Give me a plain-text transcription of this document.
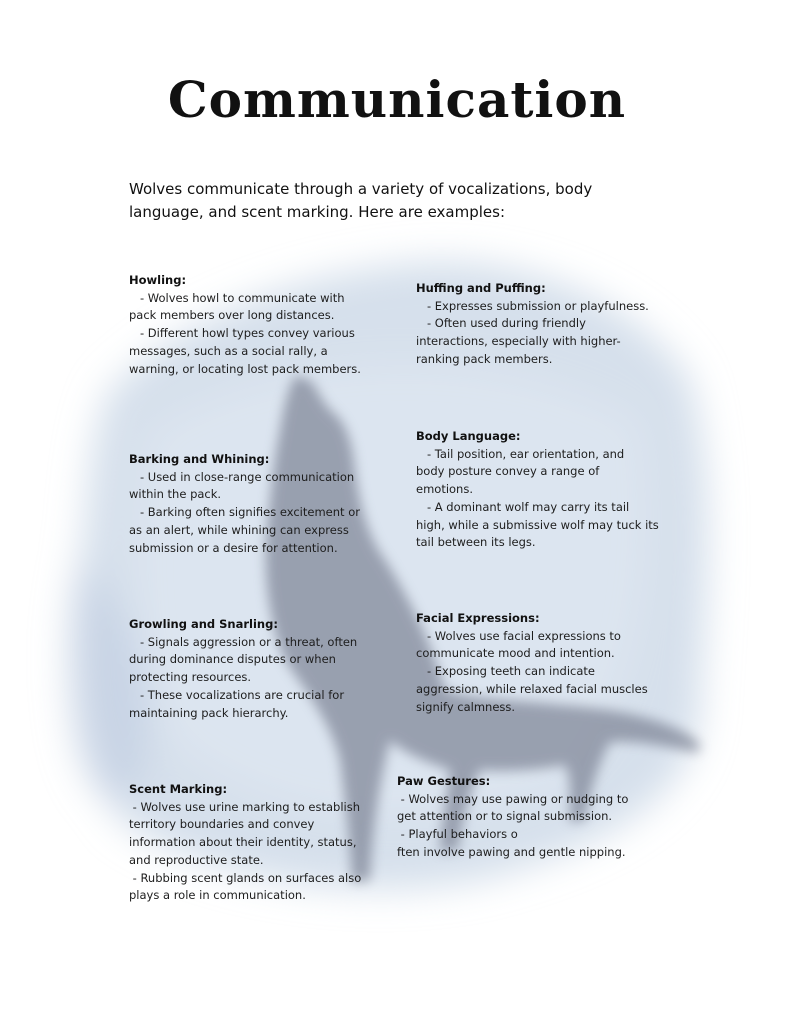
Communication
Wolves communicate through a variety of vocalizations, body language, and scent marking. Here are examples:
Howling:
- Wolves howl to communicate with
pack members over long distances.
- Different howl types convey various
messages, such as a social rally, a
warning, or locating lost pack members.
Huffing and Puffing:
- Expresses submission or playfulness.
- Often used during friendly
interactions, especially with higher-
ranking pack members.
Body Language:
- Tail position, ear orientation, and
body posture convey a range of
emotions.
- A dominant wolf may carry its tail
high, while a submissive wolf may tuck its
tail between its legs.
Barking and Whining:
- Used in close-range communication
within the pack.
- Barking often signifies excitement or
as an alert, while whining can express
submission or a desire for attention.
Facial Expressions:
- Wolves use facial expressions to
communicate mood and intention.
- Exposing teeth can indicate
aggression, while relaxed facial muscles
signify calmness.
Growling and Snarling:
- Signals aggression or a threat, often
during dominance disputes or when
protecting resources.
- These vocalizations are crucial for
maintaining pack hierarchy.
Paw Gestures:
- Wolves may use pawing or nudging to
get attention or to signal submission.
- Playful behaviors o
ften involve pawing and gentle nipping.
Scent Marking:
- Wolves use urine marking to establish
territory boundaries and convey
information about their identity, status,
and reproductive state.
- Rubbing scent glands on surfaces also
plays a role in communication.
